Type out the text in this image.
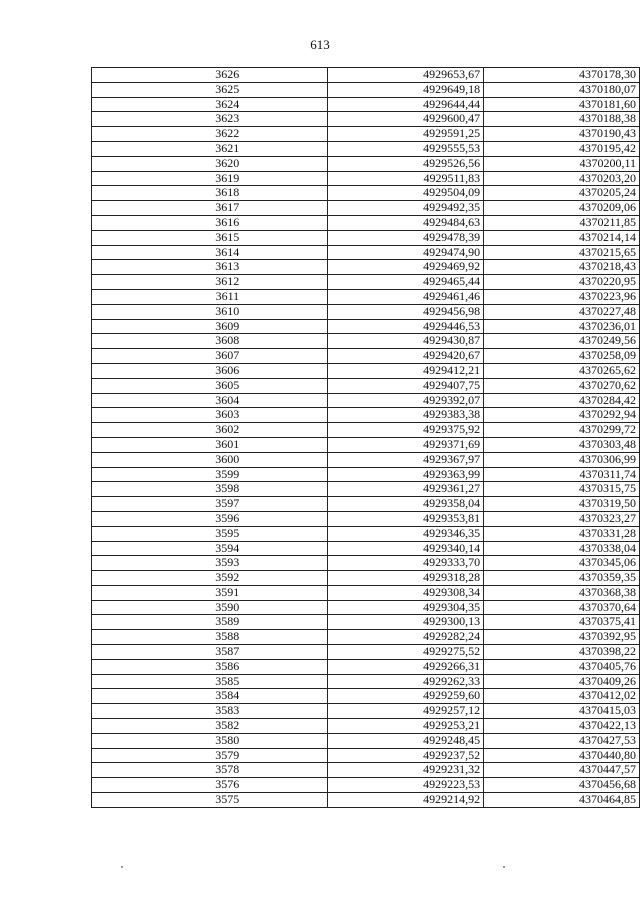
613
3626	4929653,67	4370178,30
3625	4929649,18	4370180,07
3624	4929644,44	4370181,60
3623	4929600,47	4370188,38
3622	4929591,25	4370190,43
3621	4929555,53	4370195,42
3620	4929526,56	4370200,11
3619	4929511,83	4370203,20
3618	4929504,09	4370205,24
3617	4929492,35	4370209,06
3616	4929484,63	4370211,85
3615	4929478,39	4370214,14
3614	4929474,90	4370215,65
3613	4929469,92	4370218,43
3612	4929465,44	4370220,95
3611	4929461,46	4370223,96
3610	4929456,98	4370227,48
3609	4929446,53	4370236,01
3608	4929430,87	4370249,56
3607	4929420,67	4370258,09
3606	4929412,21	4370265,62
3605	4929407,75	4370270,62
3604	4929392,07	4370284,42
3603	4929383,38	4370292,94
3602	4929375,92	4370299,72
3601	4929371,69	4370303,48
3600	4929367,97	4370306,99
3599	4929363,99	4370311,74
3598	4929361,27	4370315,75
3597	4929358,04	4370319,50
3596	4929353,81	4370323,27
3595	4929346,35	4370331,28
3594	4929340,14	4370338,04
3593	4929333,70	4370345,06
3592	4929318,28	4370359,35
3591	4929308,34	4370368,38
3590	4929304,35	4370370,64
3589	4929300,13	4370375,41
3588	4929282,24	4370392,95
3587	4929275,52	4370398,22
3586	4929266,31	4370405,76
3585	4929262,33	4370409,26
3584	4929259,60	4370412,02
3583	4929257,12	4370415,03
3582	4929253,21	4370422,13
3580	4929248,45	4370427,53
3579	4929237,52	4370440,80
3578	4929231,32	4370447,57
3576	4929223,53	4370456,68
3575	4929214,92	4370464,85
